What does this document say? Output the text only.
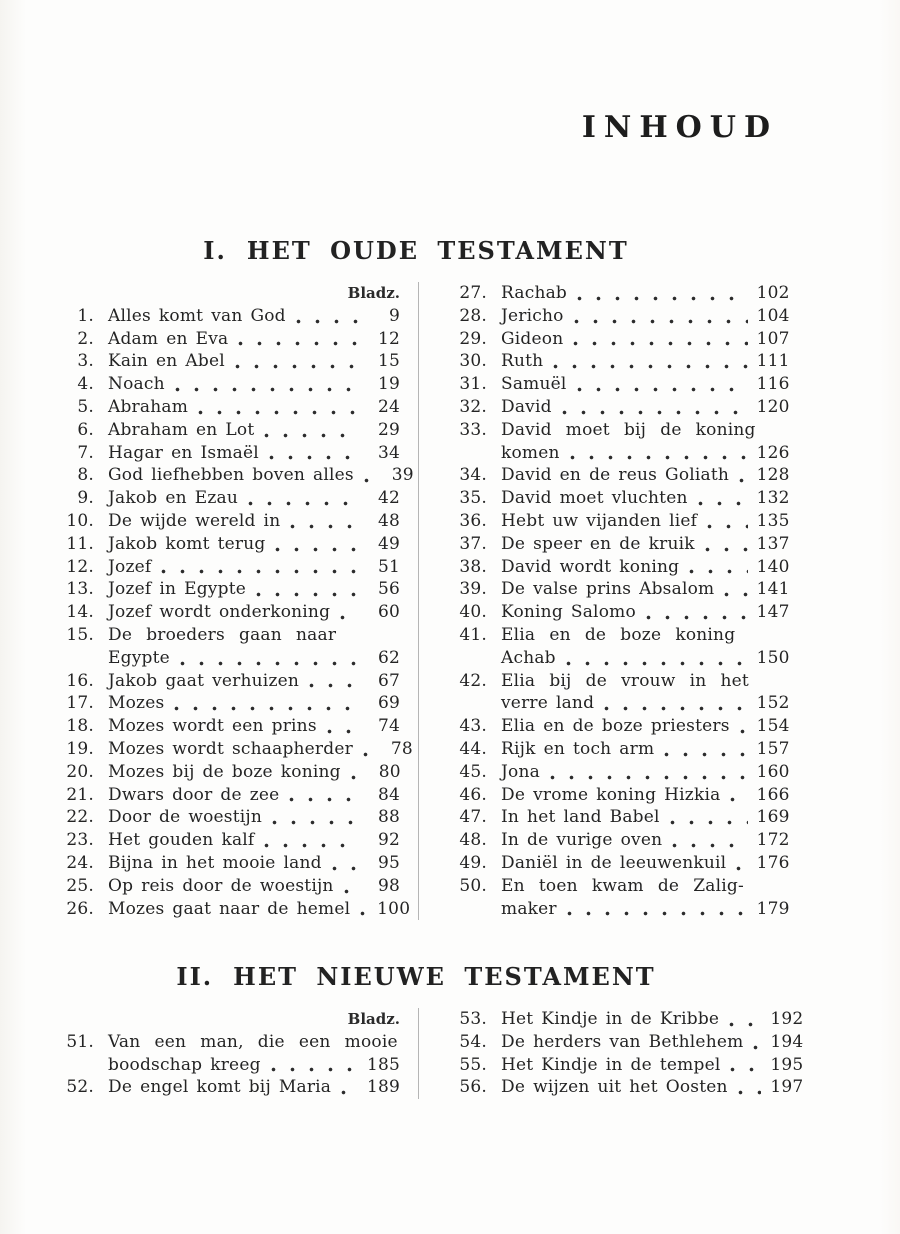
INHOUD
I. HET OUDE TESTAMENT
Bladz.
1. Alles komt van God	9
2. Adam en Eva	12
3. Kain en Abel	15
4. Noach	19
5. Abraham	24
6. Abraham en Lot	29
7. Hagar en Ismaël	34
8. God liefhebben boven alles	39
9. Jakob en Ezau	42
10. De wijde wereld in	48
11. Jakob komt terug	49
12. Jozef	51
13. Jozef in Egypte	56
14. Jozef wordt onderkoning	60
15. De broeders gaan naar
Egypte	62
16. Jakob gaat verhuizen	67
17. Mozes	69
18. Mozes wordt een prins	74
19. Mozes wordt schaapherder	78
20. Mozes bij de boze koning	80
21. Dwars door de zee	84
22. Door de woestijn	88
23. Het gouden kalf	92
24. Bijna in het mooie land	95
25. Op reis door de woestijn	98
26. Mozes gaat naar de hemel 100
27. Rachab	102
28. Jericho	104
29. Gideon	107
30. Ruth	111
31. Samuël	116
32. David	120
33. David moet bij de koning
komen	126
34. David en de reus Goliath 128
35. David moet vluchten	132
36. Hebt uw vijanden lief	135
37. De speer en de kruik	137
38. David wordt koning	140
39. De valse prins Absalom 141
40. Koning Salomo	147
41. Elia en de boze koning
Achab	150
42. Elia bij de vrouw in het
verre land	152
43. Elia en de boze priesters 154
44. Rijk en toch arm	157
45. Jona	160
46. De vrome koning Hizkia 166
47. In het land Babel	169
48. In de vurige oven	172
49. Daniël in de leeuwenkuil 176
50. En toen kwam de Zalig-
maker	179
II. HET NIEUWE TESTAMENT
Bladz.
51. Van een man, die een mooie
boodschap kreeg	185
52. De engel komt bij Maria 189
53. Het Kindje in de Kribbe	192
54. De herders van Bethlehem 194
55. Het Kindje in de tempel	195
56. De wijzen uit het Oosten	197
